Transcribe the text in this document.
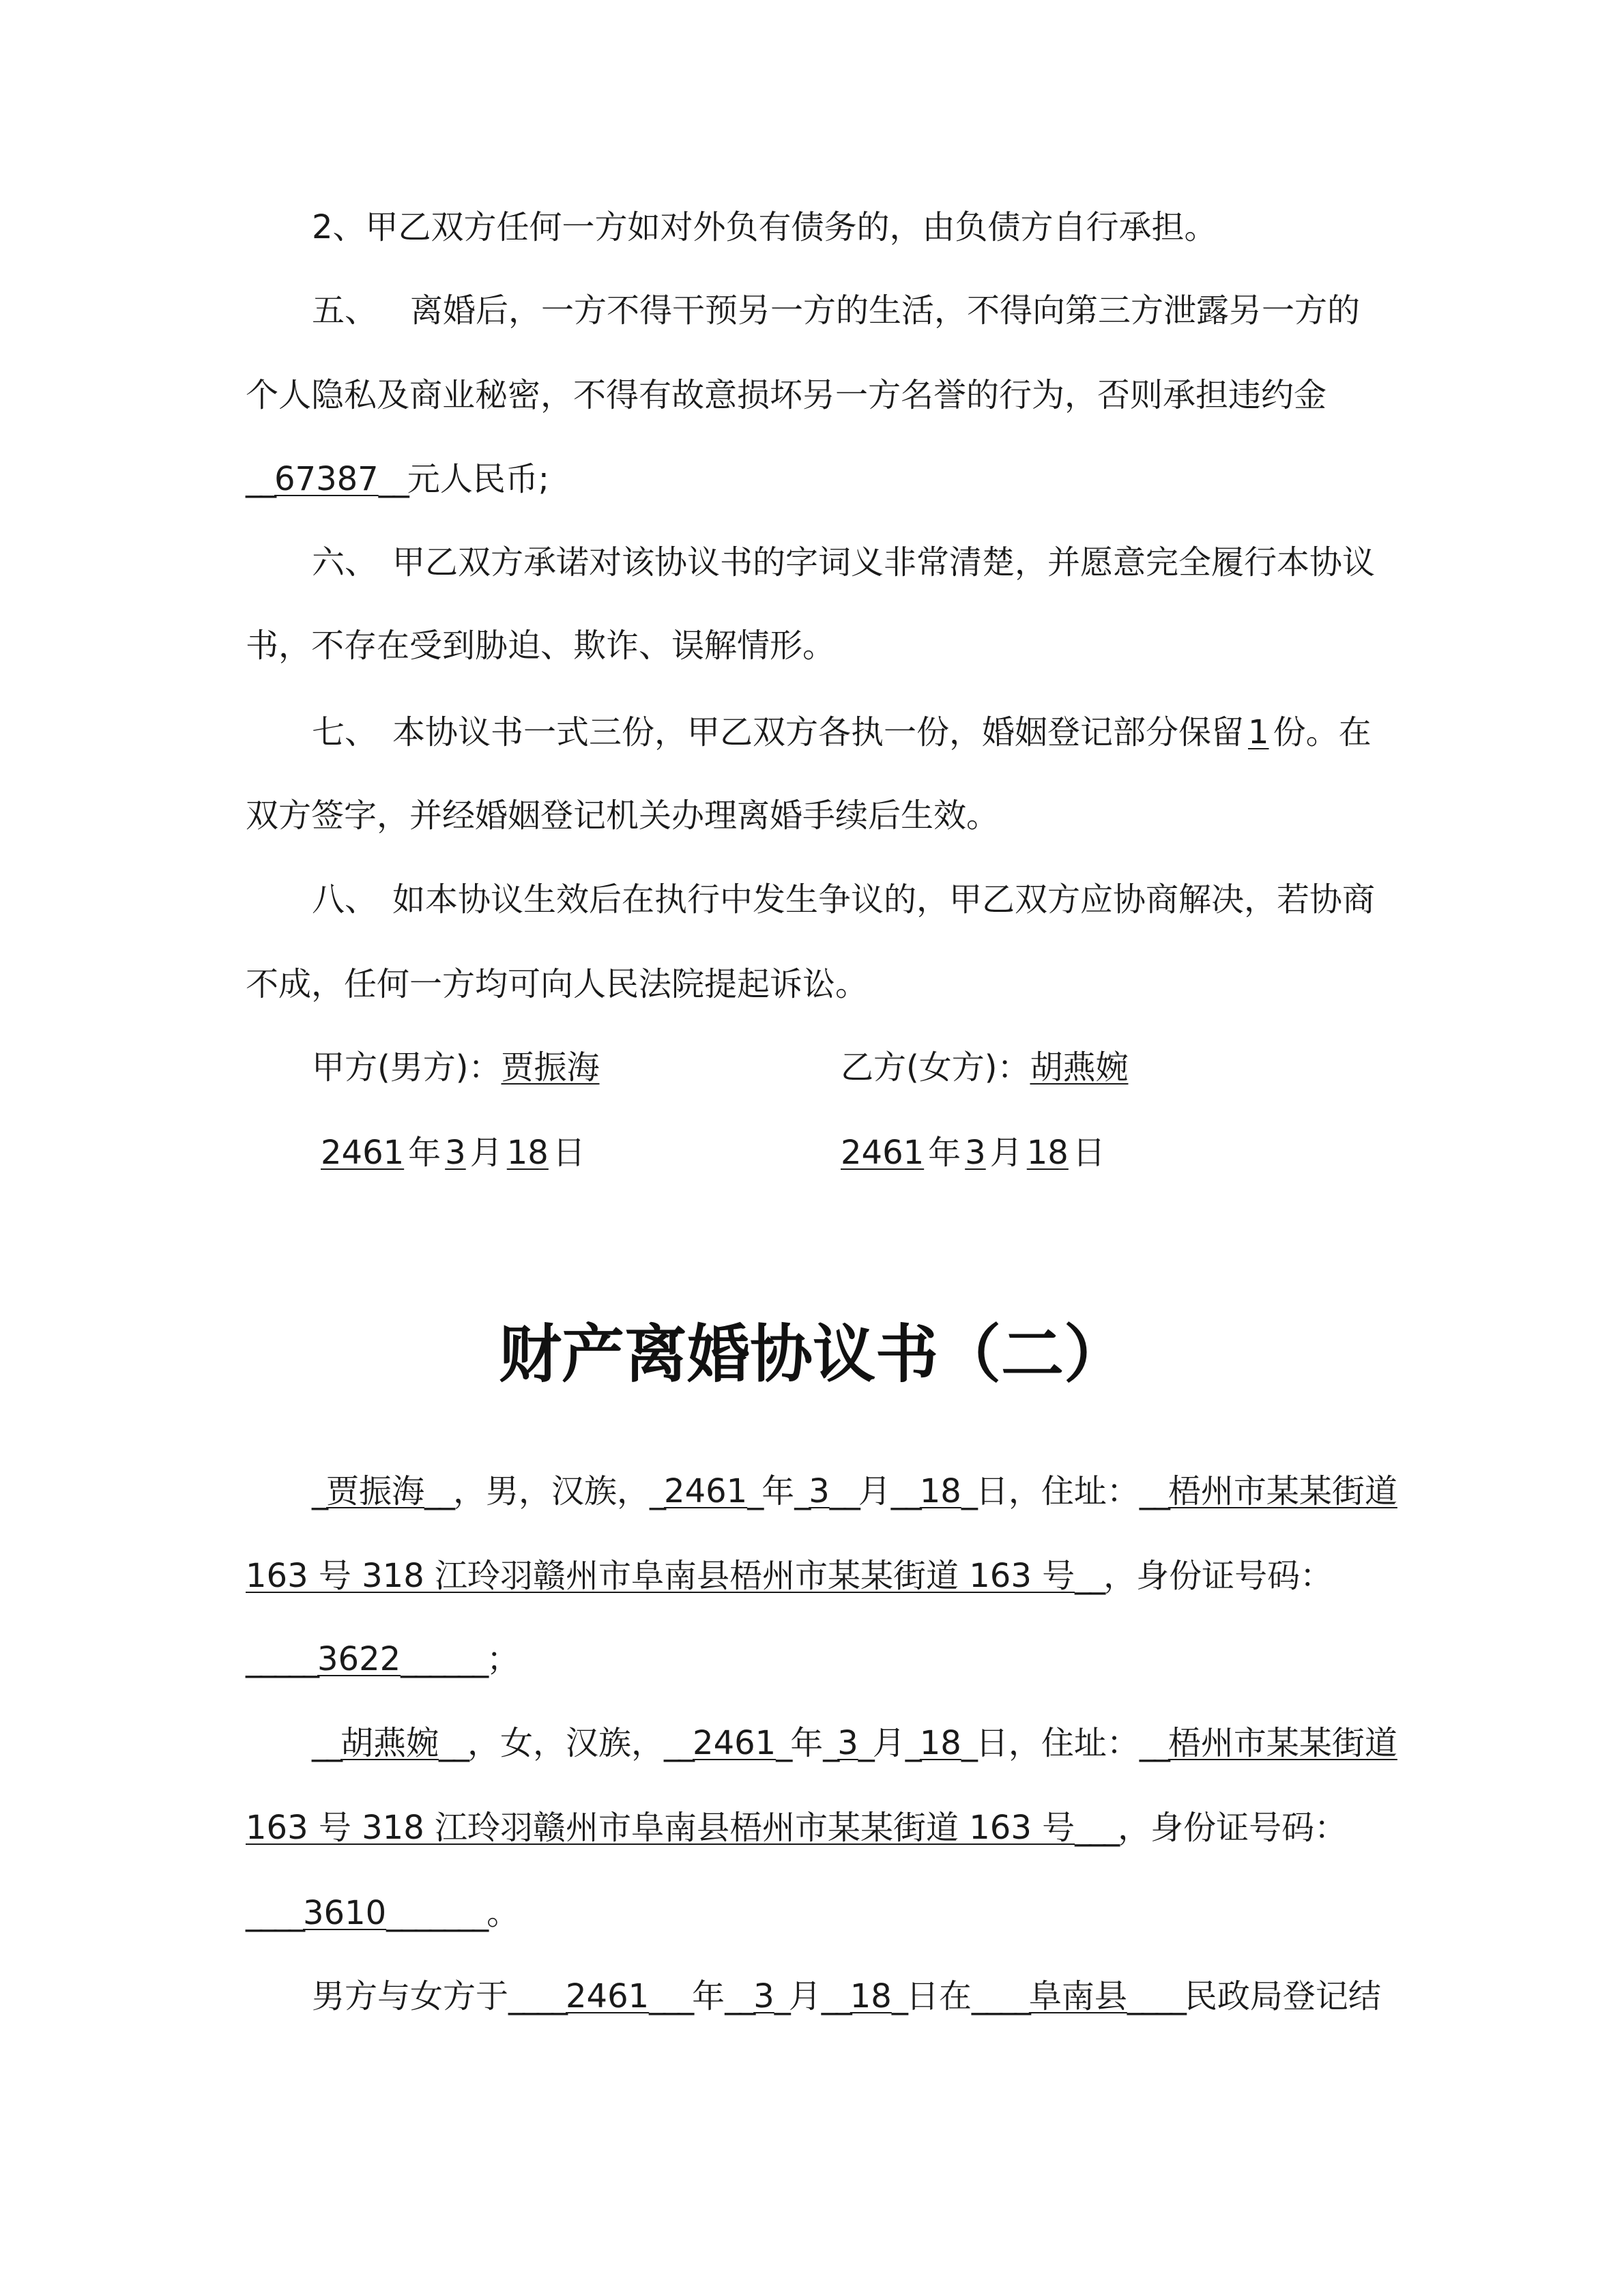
2、甲乙双方任何一方如对外负有债务的，由负债方自行承担。
五、 离婚后，一方不得干预另一方的生活，不得向第三方泄露另一方的
个人隐私及商业秘密，不得有故意损坏另一方名誉的行为，否则承担违约金
__67387__元人民币;
六、 甲乙双方承诺对该协议书的字词义非常清楚，并愿意完全履行本协议
书，不存在受到胁迫、欺诈、误解情形。
七、 本协议书一式三份，甲乙双方各执一份，婚姻登记部分保留 1 份。在
双方签字，并经婚姻登记机关办理离婚手续后生效。
八、 如本协议生效后在执行中发生争议的，甲乙双方应协商解决，若协商
不成，任何一方均可向人民法院提起诉讼。
甲方(男方)：贾振海	乙方(女方)：胡燕婉
2461 年 3 月 18 日	2461 年 3 月 18 日
财产离婚协议书（二）
_贾振海__，男，汉族，_2461_年_3__月__18_日，住址：__梧州市某某街道
163 号 318 江玲羽赣州市阜南县梧州市某某街道 163 号__，身份证号码：
_____3622______；
__胡燕婉__，女，汉族，__2461_年_3_月_18_日，住址：__梧州市某某街道
163 号 318 江玲羽赣州市阜南县梧州市某某街道 163 号___，身份证号码：
____3610_______。
男方与女方于____2461___年__3_月__18_日在____阜南县____民政局登记结
